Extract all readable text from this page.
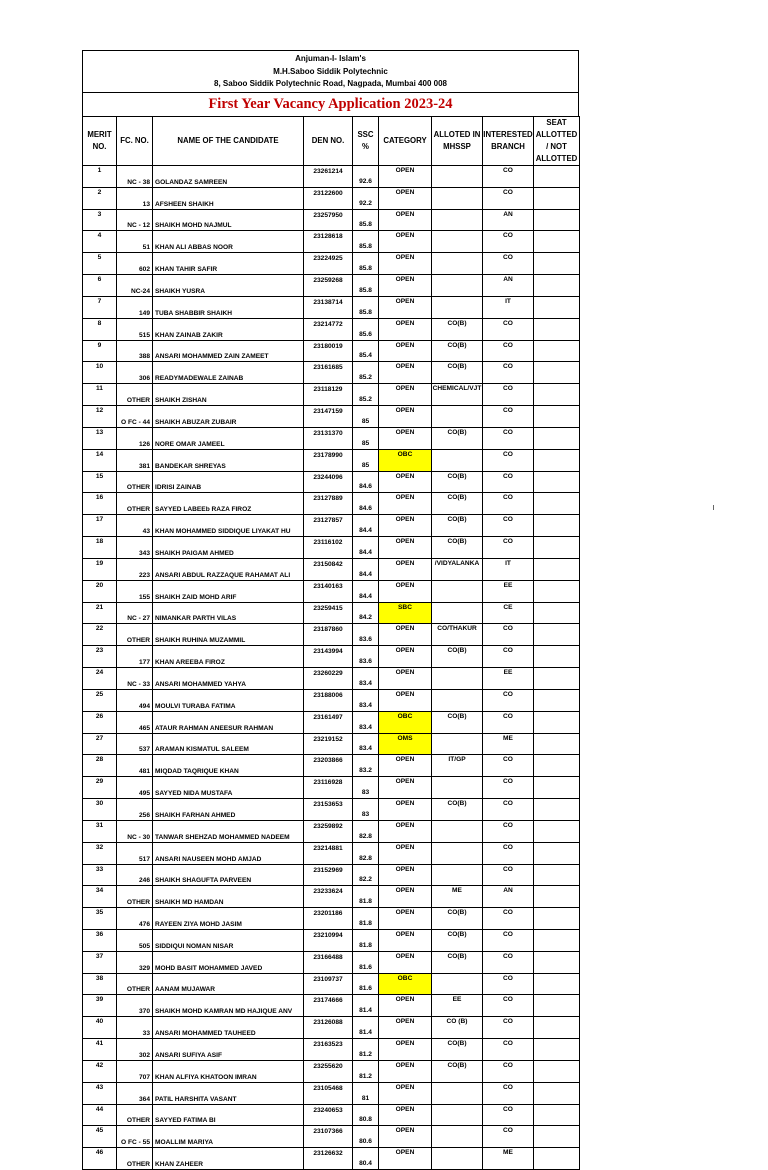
Anjuman-I- Islam's
M.H.Saboo Siddik Polytechnic
8, Saboo Siddik Polytechnic Road, Nagpada, Mumbai 400 008
First Year Vacancy Application 2023-24
MERIT NO.	FC. NO.	NAME OF THE CANDIDATE	DEN NO.	SSC %	CATEGORY	ALLOTED IN MHSSP	INTERESTED BRANCH	SEAT ALLOTTED / NOT ALLOTTED
1	NC - 38	GOLANDAZ SAMREEN	23261214	92.6	OPEN		CO	
2	13	AFSHEEN SHAIKH	23122600	92.2	OPEN		CO	
3	NC - 12	SHAIKH MOHD NAJMUL	23257950	85.8	OPEN		AN	
4	51	KHAN ALI ABBAS NOOR	23128618	85.8	OPEN		CO	
5	602	KHAN TAHIR SAFIR	23224925	85.8	OPEN		CO	
6	NC-24	SHAIKH YUSRA	23259268	85.8	OPEN		AN	
7	149	TUBA SHABBIR SHAIKH	23138714	85.8	OPEN		IT	
8	515	KHAN ZAINAB ZAKIR	23214772	85.6	OPEN	CO(B)	CO	
9	388	ANSARI MOHAMMED ZAIN ZAMEET	23180019	85.4	OPEN	CO(B)	CO	
10	306	READYMADEWALE ZAINAB	23161685	85.2	OPEN	CO(B)	CO	
11	OTHER	SHAIKH ZISHAN	23118129	85.2	OPEN	CHEMICAL/VJT	CO	
12	O FC - 44	SHAIKH ABUZAR ZUBAIR	23147159	85	OPEN		CO	
13	126	NORE OMAR JAMEEL	23131370	85	OPEN	CO(B)	CO	
14	381	BANDEKAR SHREYAS	23178990	85	OBC		CO	
15	OTHER	IDRISI ZAINAB	23244096	84.6	OPEN	CO(B)	CO	
16	OTHER	SAYYED LABEEb RAZA FIROZ	23127889	84.6	OPEN	CO(B)	CO	
17	43	KHAN MOHAMMED SIDDIQUE LIYAKAT HU	23127857	84.4	OPEN	CO(B)	CO	
18	343	SHAIKH PAIGAM AHMED	23116102	84.4	OPEN	CO(B)	CO	
19	223	ANSARI ABDUL RAZZAQUE RAHAMAT ALI	23150842	84.4	OPEN	/VIDYALANKA	IT	
20	155	SHAIKH ZAID MOHD ARIF	23140163	84.4	OPEN		EE	
21	NC - 27	NIMANKAR PARTH VILAS	23259415	84.2	SBC		CE	
22	OTHER	SHAIKH RUHINA MUZAMMIL	23187860	83.6	OPEN	CO/THAKUR	CO	
23	177	KHAN AREEBA FIROZ	23143994	83.6	OPEN	CO(B)	CO	
24	NC - 33	ANSARI MOHAMMED YAHYA	23260229	83.4	OPEN		EE	
25	494	MOULVI TURABA FATIMA	23188006	83.4	OPEN		CO	
26	465	ATAUR RAHMAN ANEESUR RAHMAN	23161497	83.4	OBC	CO(B)	CO	
27	537	ARAMAN KISMATUL SALEEM	23219152	83.4	OMS		ME	
28	481	MIQDAD TAQRIQUE KHAN	23203866	83.2	OPEN	IT/GP	CO	
29	495	SAYYED NIDA MUSTAFA	23116928	83	OPEN		CO	
30	256	SHAIKH FARHAN AHMED	23153653	83	OPEN	CO(B)	CO	
31	NC - 30	TANWAR SHEHZAD MOHAMMED NADEEM	23259892	82.8	OPEN		CO	
32	517	ANSARI NAUSEEN MOHD AMJAD	23214881	82.8	OPEN		CO	
33	246	SHAIKH SHAGUFTA PARVEEN	23152969	82.2	OPEN		CO	
34	OTHER	SHAIKH MD HAMDAN	23233624	81.8	OPEN	ME	AN	
35	476	RAYEEN ZIYA MOHD JASIM	23201186	81.8	OPEN	CO(B)	CO	
36	505	SIDDIQUI NOMAN NISAR	23210994	81.8	OPEN	CO(B)	CO	
37	329	MOHD BASIT MOHAMMED JAVED	23166488	81.6	OPEN	CO(B)	CO	
38	OTHER	AANAM MUJAWAR	23109737	81.6	OBC		CO	
39	370	SHAIKH MOHD KAMRAN MD HAJIQUE ANV	23174666	81.4	OPEN	EE	CO	
40	33	ANSARI MOHAMMED TAUHEED	23126088	81.4	OPEN	CO (B)	CO	
41	302	ANSARI SUFIYA ASIF	23163523	81.2	OPEN	CO(B)	CO	
42	707	KHAN ALFIYA KHATOON IMRAN	23255620	81.2	OPEN	CO(B)	CO	
43	364	PATIL HARSHITA VASANT	23105468	81	OPEN		CO	
44	OTHER	SAYYED FATIMA BI	23240653	80.8	OPEN		CO	
45	O FC - 55	MOALLIM MARIYA	23107366	80.6	OPEN		CO	
46	OTHER	KHAN ZAHEER	23126632	80.4	OPEN		ME	
